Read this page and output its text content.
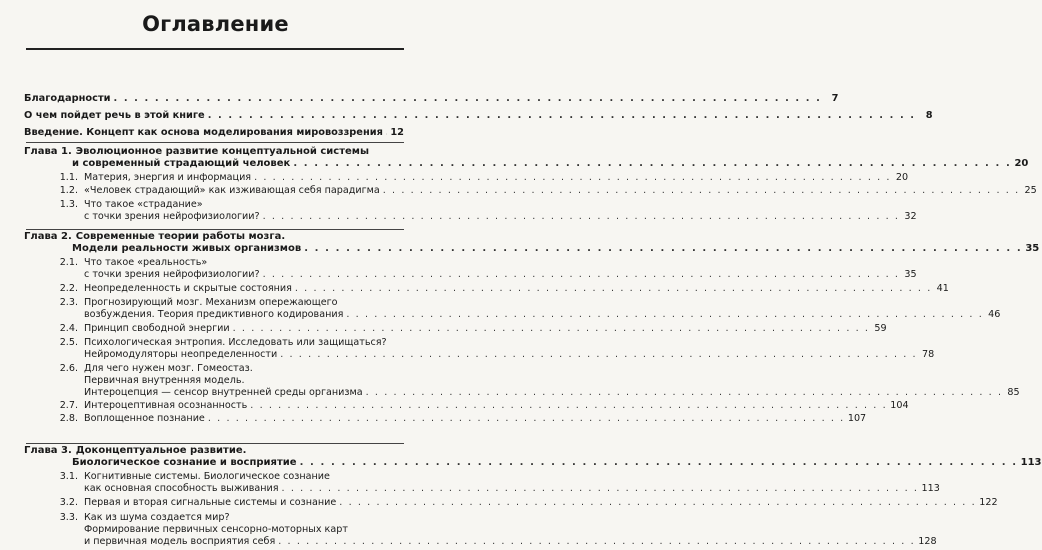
Оглавление
Благодарности . . . . . . . . . . . . . . . . . . . . . . . . . . . . . . . . . . . . . . . . . . . . . . . . . . . . . . . . . . . . . . . . . . . . .	7
О чем пойдет речь в этой книге . . . . . . . . . . . . . . . . . . . . . . . . . . . . . . . . . . . . . . . . . . . . . . . . . . . . . . . . . . . . . . . . . . . . .	8
Введение. Концепт как основа моделирования мировоззрения 12
Глава 1. Эволюционное развитие концептуальной системы
и современный страдающий человек . . . . . . . . . . . . . . . . . . . . . . . . . . . . . . . . . . . . . . . . . . . . . . . . . . . . . . . . . . . . . . . . . . . . . 20
1.1. Материя, энергия и информация . . . . . . . . . . . . . . . . . . . . . . . . . . . . . . . . . . . . . . . . . . . . . . . . . . . . . . . . . . . . . . . . . . . . . 20
1.2. «Человек страдающий» как изживающая себя парадигма . . . . . . . . . . . . . . . . . . . . . . . . . . . . . . . . . . . . . . . . . . . . . . . . . . . . . . . . . . . . . . . . . . . . . 25
1.3. Что такое «страдание»
с точки зрения нейрофизиологии? . . . . . . . . . . . . . . . . . . . . . . . . . . . . . . . . . . . . . . . . . . . . . . . . . . . . . . . . . . . . . . . . . . . . . 32
Глава 2. Современные теории работы мозга.
Модели реальности живых организмов . . . . . . . . . . . . . . . . . . . . . . . . . . . . . . . . . . . . . . . . . . . . . . . . . . . . . . . . . . . . . . . . . . . . . 35
2.1. Что такое «реальность»
с точки зрения нейрофизиологии? . . . . . . . . . . . . . . . . . . . . . . . . . . . . . . . . . . . . . . . . . . . . . . . . . . . . . . . . . . . . . . . . . . . . . 35
2.2. Неопределенность и скрытые состояния . . . . . . . . . . . . . . . . . . . . . . . . . . . . . . . . . . . . . . . . . . . . . . . . . . . . . . . . . . . . . . . . . . . . . 41
2.3. Прогнозирующий мозг. Механизм опережающего
возбуждения. Теория предиктивного кодирования . . . . . . . . . . . . . . . . . . . . . . . . . . . . . . . . . . . . . . . . . . . . . . . . . . . . . . . . . . . . . . . . . . . . . 46
2.4. Принцип свободной энергии . . . . . . . . . . . . . . . . . . . . . . . . . . . . . . . . . . . . . . . . . . . . . . . . . . . . . . . . . . . . . . . . . . . . . 59
2.5. Психологическая энтропия. Исследовать или защищаться?
Нейромодуляторы неопределенности . . . . . . . . . . . . . . . . . . . . . . . . . . . . . . . . . . . . . . . . . . . . . . . . . . . . . . . . . . . . . . . . . . . . . 78
2.6. Для чего нужен мозг. Гомеостаз.
Первичная внутренняя модель.
Интероцепция — сенсор внутренней среды организма . . . . . . . . . . . . . . . . . . . . . . . . . . . . . . . . . . . . . . . . . . . . . . . . . . . . . . . . . . . . . . . . . . . . . 85
2.7. Интероцептивная осознанность . . . . . . . . . . . . . . . . . . . . . . . . . . . . . . . . . . . . . . . . . . . . . . . . . . . . . . . . . . . . . . . . . . . . . 104
2.8. Воплощенное познание . . . . . . . . . . . . . . . . . . . . . . . . . . . . . . . . . . . . . . . . . . . . . . . . . . . . . . . . . . . . . . . . . . . . . 107
Глава 3. Доконцептуальное развитие.
Биологическое сознание и восприятие . . . . . . . . . . . . . . . . . . . . . . . . . . . . . . . . . . . . . . . . . . . . . . . . . . . . . . . . . . . . . . . . . . . . . 113
3.1. Когнитивные системы. Биологическое сознание
как основная способность выживания . . . . . . . . . . . . . . . . . . . . . . . . . . . . . . . . . . . . . . . . . . . . . . . . . . . . . . . . . . . . . . . . . . . . . 113
3.2. Первая и вторая сигнальные системы и сознание . . . . . . . . . . . . . . . . . . . . . . . . . . . . . . . . . . . . . . . . . . . . . . . . . . . . . . . . . . . . . . . . . . . . . 122
3.3. Как из шума создается мир?
Формирование первичных сенсорно-моторных карт
и первичная модель восприятия себя . . . . . . . . . . . . . . . . . . . . . . . . . . . . . . . . . . . . . . . . . . . . . . . . . . . . . . . . . . . . . . . . . . . . . 128
